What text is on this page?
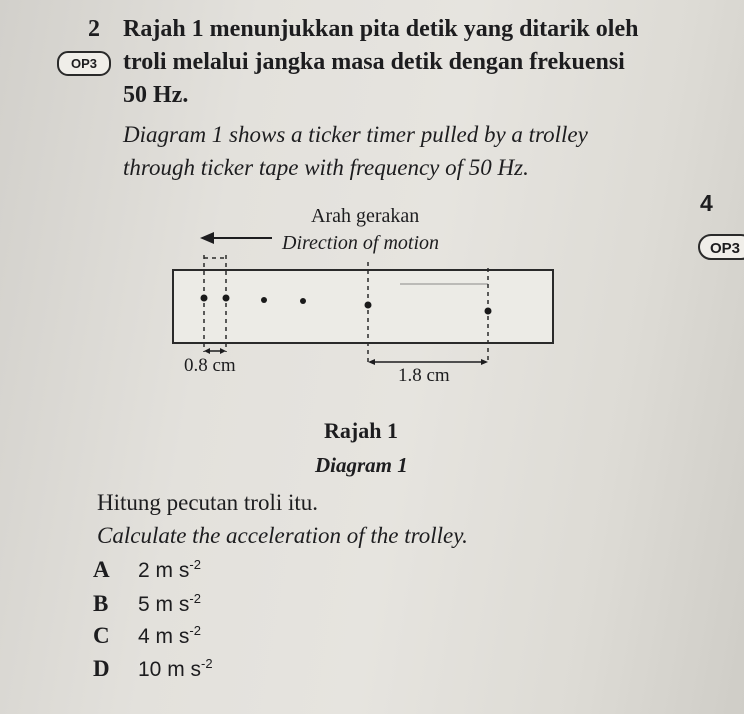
2 Rajah 1 menunjukkan pita detik yang ditarik oleh
OP3	troli melalui jangka masa detik dengan frekuensi
50 Hz.
Diagram 1 shows a ticker timer pulled by a trolley
through ticker tape with frequency of 50 Hz.
4
OP3
Arah gerakan
Direction of motion
0.8 cm	1.8 cm
Rajah 1
Diagram 1
Hitung pecutan troli itu.
Calculate the acceleration of the trolley.
A 2 m $s^{-2}$
B 5 m $s^{-2}$
C 4 m $s^{-2}$
D 10 m $s^{-2}$
